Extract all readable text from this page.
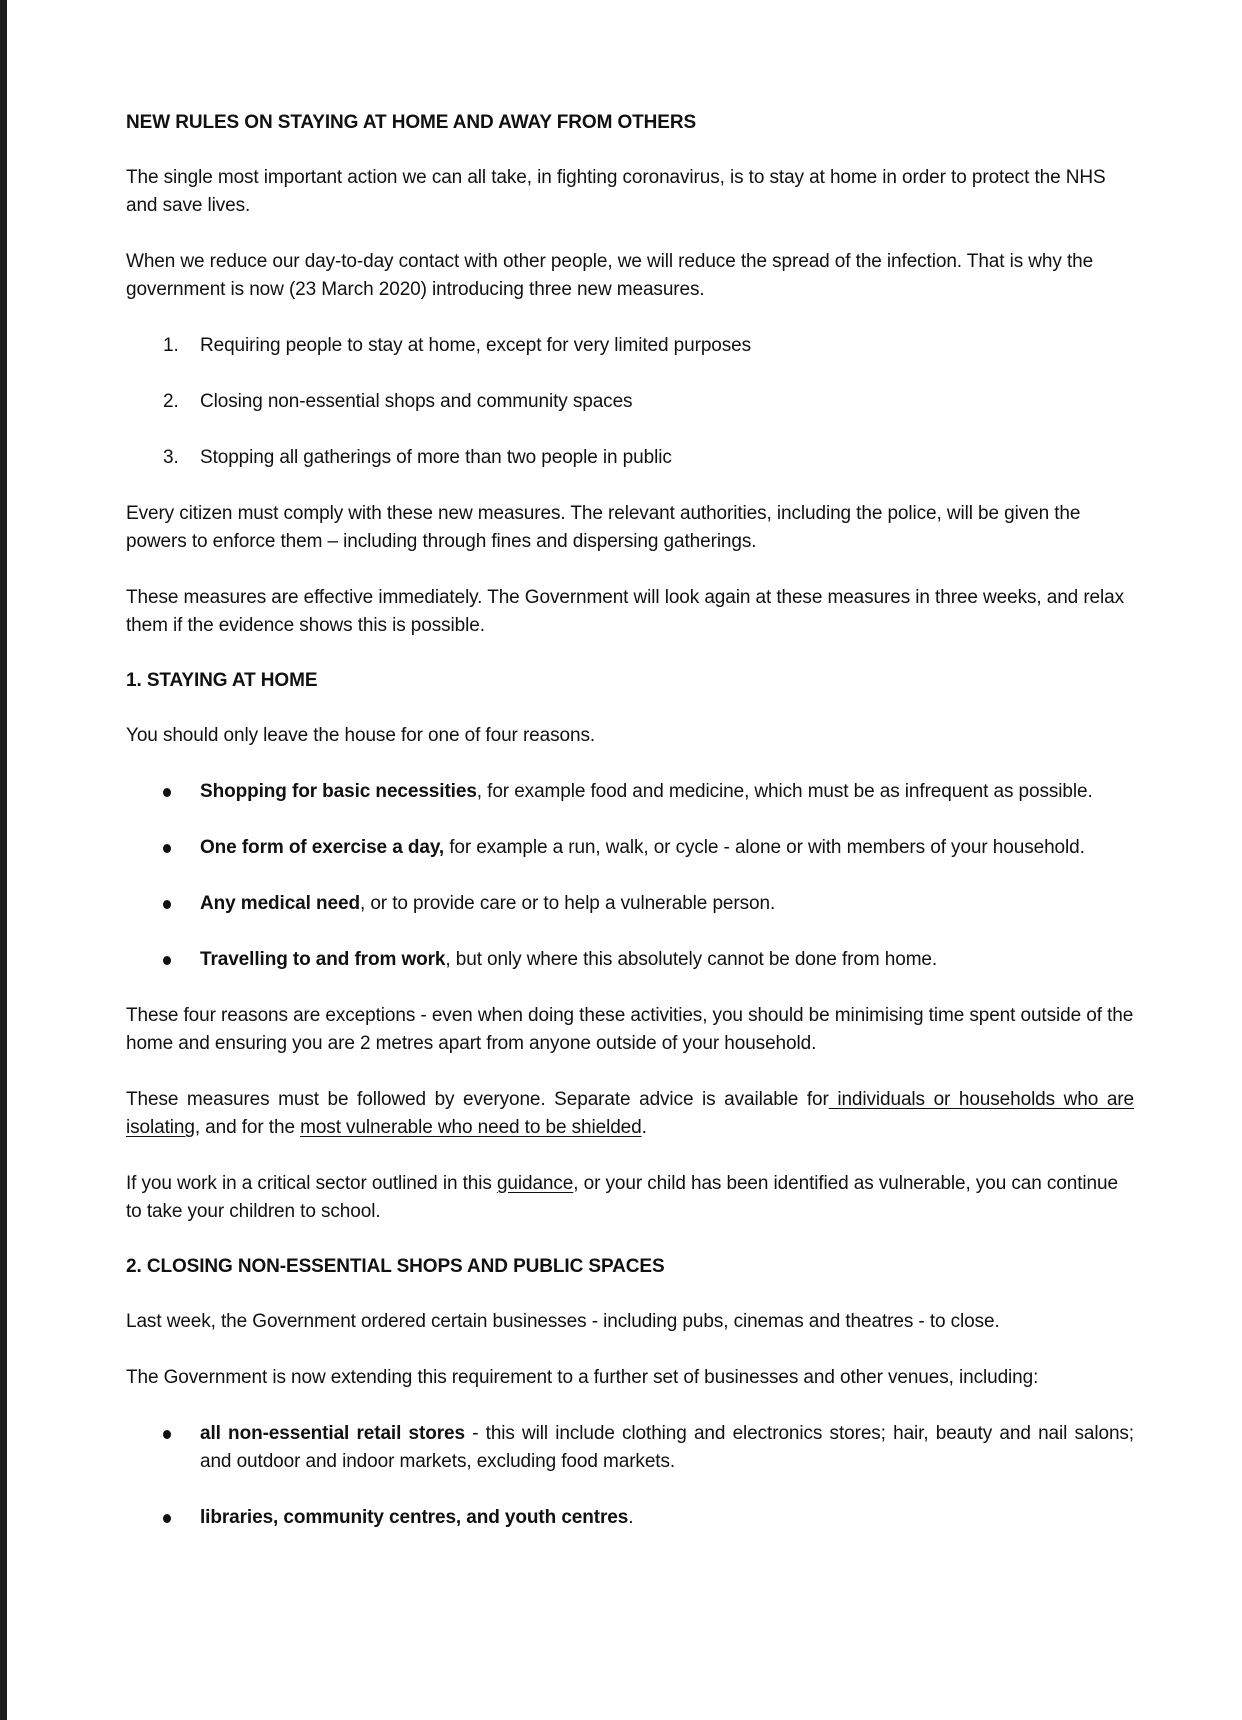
NEW RULES ON STAYING AT HOME AND AWAY FROM OTHERS

The single most important action we can all take, in fighting coronavirus, is to stay at home in order to protect the NHS and save lives.

When we reduce our day-to-day contact with other people, we will reduce the spread of the infection. That is why the government is now (23 March 2020) introducing three new measures.

1. Requiring people to stay at home, except for very limited purposes
2. Closing non-essential shops and community spaces
3. Stopping all gatherings of more than two people in public

Every citizen must comply with these new measures. The relevant authorities, including the police, will be given the powers to enforce them – including through fines and dispersing gatherings.

These measures are effective immediately. The Government will look again at these measures in three weeks, and relax them if the evidence shows this is possible.

1. STAYING AT HOME

You should only leave the house for one of four reasons.

Shopping for basic necessities, for example food and medicine, which must be as infrequent as possible.
One form of exercise a day, for example a run, walk, or cycle - alone or with members of your household.
Any medical need, or to provide care or to help a vulnerable person.
Travelling to and from work, but only where this absolutely cannot be done from home.

These four reasons are exceptions - even when doing these activities, you should be minimising time spent outside of the home and ensuring you are 2 metres apart from anyone outside of your household.

These measures must be followed by everyone. Separate advice is available for individuals or households who are isolating, and for the most vulnerable who need to be shielded.

If you work in a critical sector outlined in this guidance, or your child has been identified as vulnerable, you can continue to take your children to school.

2. CLOSING NON-ESSENTIAL SHOPS AND PUBLIC SPACES

Last week, the Government ordered certain businesses - including pubs, cinemas and theatres - to close.

The Government is now extending this requirement to a further set of businesses and other venues, including:

all non-essential retail stores - this will include clothing and electronics stores; hair, beauty and nail salons; and outdoor and indoor markets, excluding food markets.
libraries, community centres, and youth centres.
